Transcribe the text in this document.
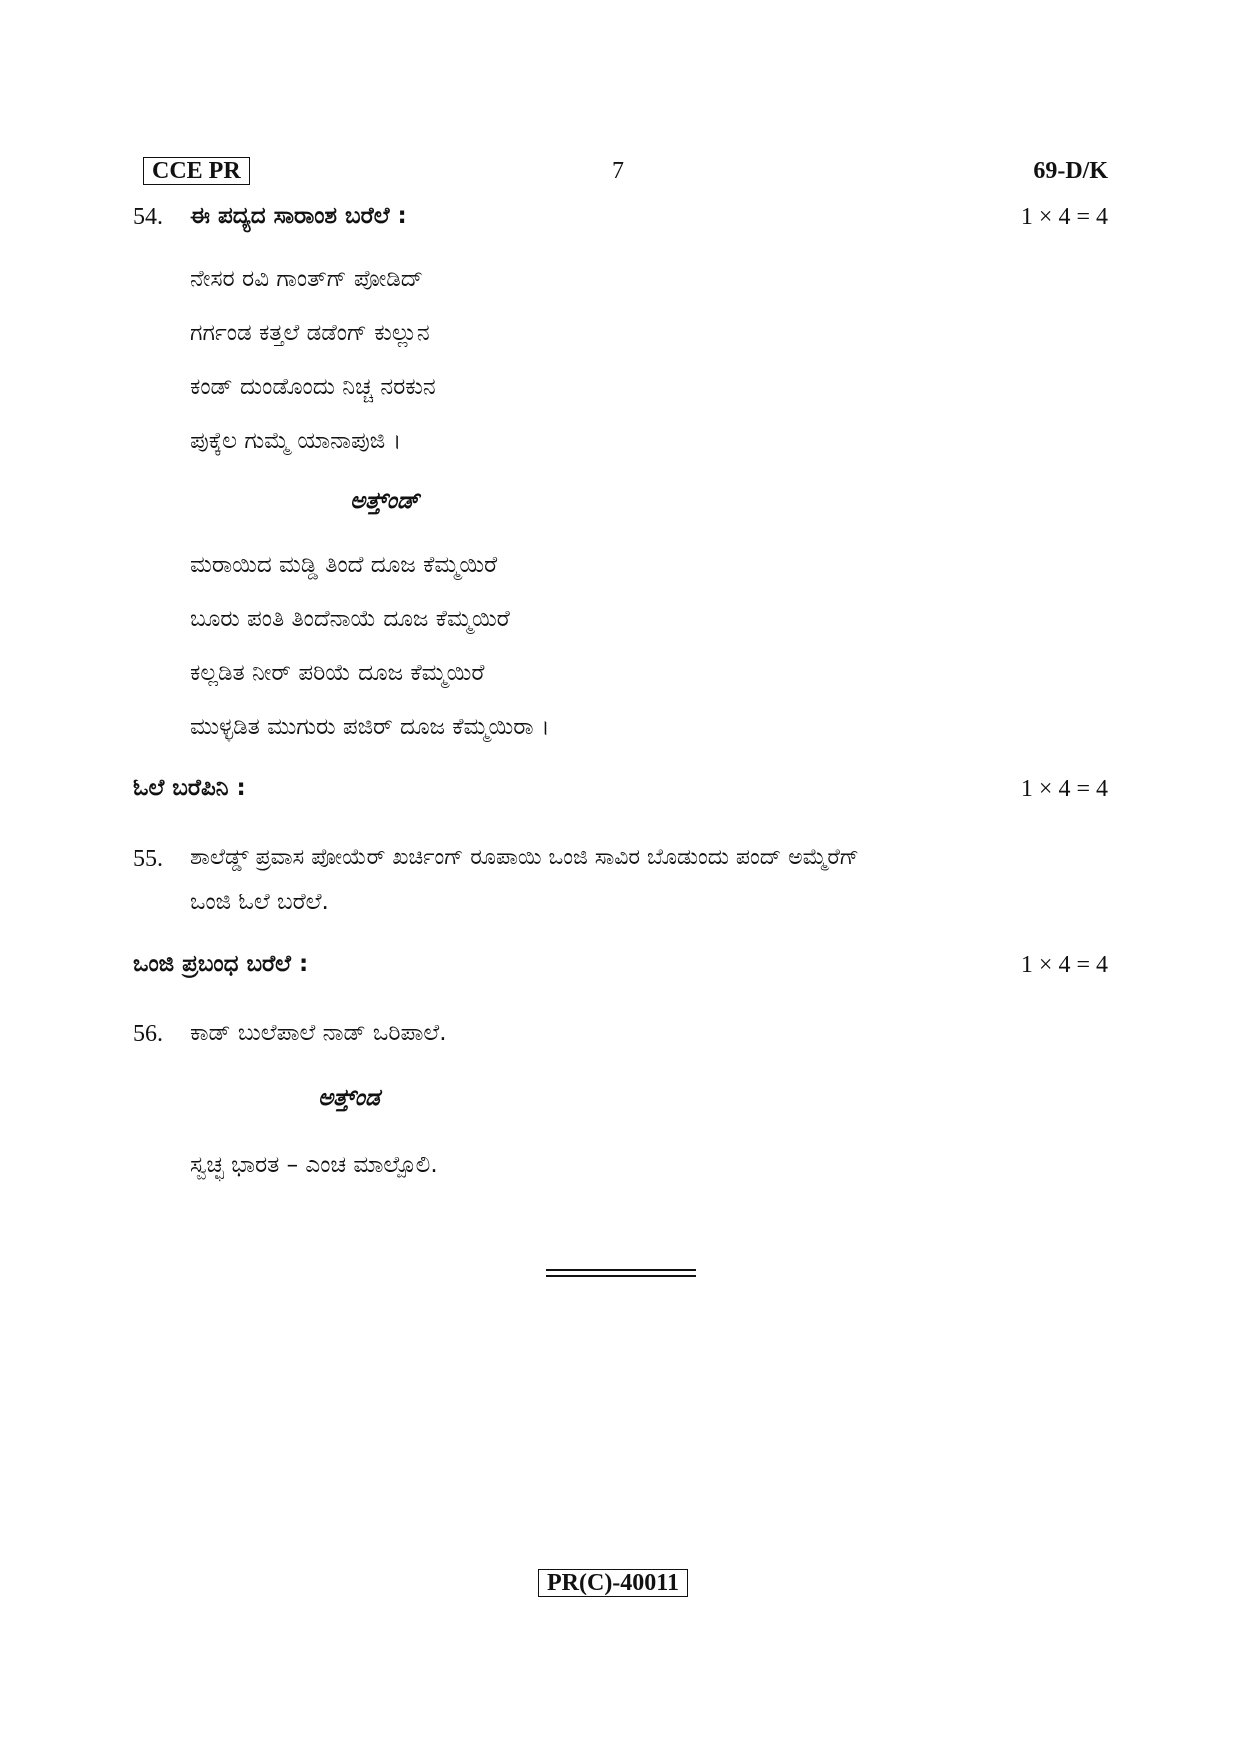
CCE PR	7	69-D/K
54. ಈ ಪದ್ಯದ ಸಾರಾಂಶ ಬರೆಲೆ :	1 × 4 = 4
ನೇಸರ ರವಿ ಗಾಂತ್‌ಗ್ ಪೋಡಿದ್
ಗರ್ಗಂಡ ಕತ್ತಲೆ ಡಡೆಂಗ್ ಕುಲ್ಲುನ
ಕಂಡ್ ದುಂಡೊಂದು ನಿಚ್ಚ ನರಕುನ
ಪುಕ್ಕೆಲ ಗುಮ್ಮೆ ಯಾನಾಪುಜಿ ।
ಅತ್ತ್‌ಂಡ್
ಮರಾಯಿದ ಮಡ್ಡಿ ತಿಂದೆ ದೂಜ ಕೆಮ್ಮಯಿರೆ
ಬೂರು ಪಂತಿ ತಿಂದೆನಾಯೆ ದೂಜ ಕೆಮ್ಮಯಿರೆ
ಕಲ್ಲಡಿತ ನೀರ್ ಪರಿಯೆ ದೂಜ ಕೆಮ್ಮಯಿರೆ
ಮುಳ್ಳಡಿತ ಮುಗುರು ಪಜಿರ್ ದೂಜ ಕೆಮ್ಮಯಿರಾ ।
ಓಲೆ ಬರೆಪಿನಿ :	1 × 4 = 4
55. ಶಾಲೆಡ್ಡ್ ಪ್ರವಾಸ ಪೋಯೆರ್ ಖರ್ಚಿಂಗ್ ರೂಪಾಯಿ ಒಂಜಿ ಸಾವಿರ ಬೊಡುಂದು ಪಂದ್ ಅಮ್ಮೆರೆಗ್
ಒಂಜಿ ಓಲೆ ಬರೆಲೆ.
ಒಂಜಿ ಪ್ರಬಂಧ ಬರೆಲೆ :	1 × 4 = 4
56. ಕಾಡ್ ಬುಲೆಪಾಲೆ ನಾಡ್ ಒರಿಪಾಲೆ.
ಅತ್ತ್‌ಂಡ
ಸ್ವಚ್ಛ ಭಾರತ – ಎಂಚ ಮಾಲ್ಪೊಲಿ.
PR(C)-40011
